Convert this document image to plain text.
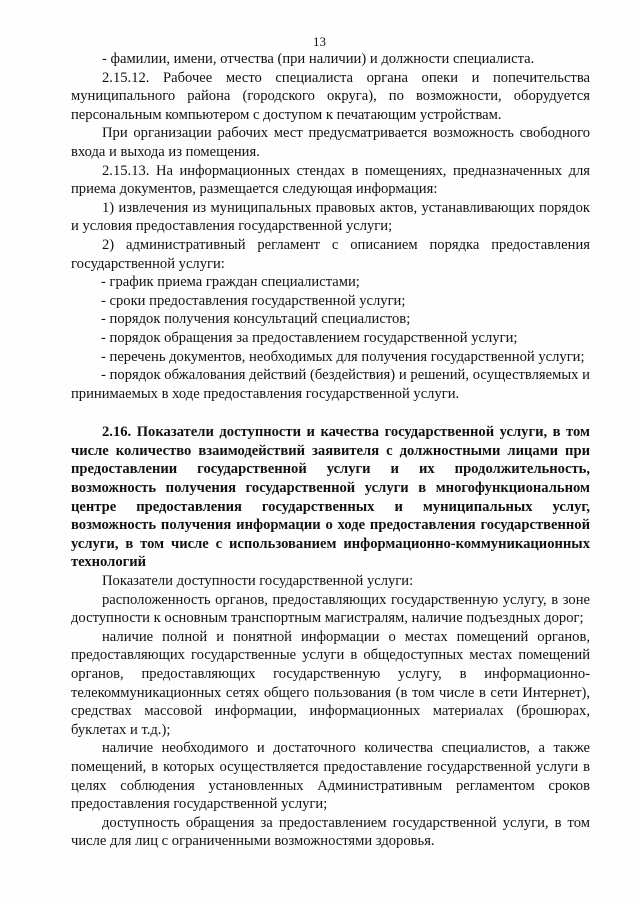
13

- фамилии, имени, отчества (при наличии) и должности специалиста.

2.15.12. Рабочее место специалиста органа опеки и попечительства муниципального района (городского округа), по возможности, оборудуется персональным компьютером с доступом к печатающим устройствам.

При организации рабочих мест предусматривается возможность свободного входа и выхода из помещения.

2.15.13. На информационных стендах в помещениях, предназначенных для приема документов, размещается следующая информация:

1) извлечения из муниципальных правовых актов, устанавливающих порядок и условия предоставления государственной услуги;

2) административный регламент с описанием порядка предоставления государственной услуги:

- график приема граждан специалистами;

- сроки предоставления государственной услуги;

- порядок получения консультаций специалистов;

- порядок обращения за предоставлением государственной услуги;

- перечень документов, необходимых для получения государственной услуги;

- порядок обжалования действий (бездействия) и решений, осуществляемых и принимаемых в ходе предоставления государственной услуги.

2.16. Показатели доступности и качества государственной услуги, в том числе количество взаимодействий заявителя с должностными лицами при предоставлении государственной услуги и их продолжительность, возможность получения государственной услуги в многофункциональном центре предоставления государственных и муниципальных услуг, возможность получения информации о ходе предоставления государственной услуги, в том числе с использованием информационно-коммуникационных технологий

Показатели доступности государственной услуги:

расположенность органов, предоставляющих государственную услугу, в зоне доступности к основным транспортным магистралям, наличие подъездных дорог;

наличие полной и понятной информации о местах помещений органов, предоставляющих государственные услуги в общедоступных местах помещений органов, предоставляющих государственную услугу, в информационно-телекоммуникационных сетях общего пользования (в том числе в сети Интернет), средствах массовой информации, информационных материалах (брошюрах, буклетах и т.д.);

наличие необходимого и достаточного количества специалистов, а также помещений, в которых осуществляется предоставление государственной услуги в целях соблюдения установленных Административным регламентом сроков предоставления государственной услуги;

доступность обращения за предоставлением государственной услуги, в том числе для лиц с ограниченными возможностями здоровья.
